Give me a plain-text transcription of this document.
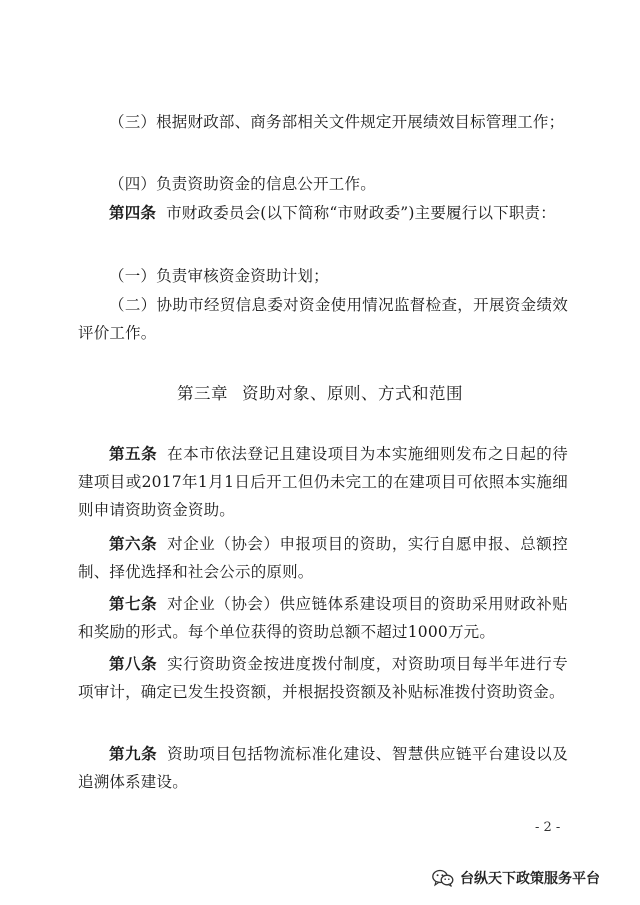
（三）根据财政部、商务部相关文件规定开展绩效目标管理工作；

（四）负责资助资金的信息公开工作。

第四条 市财政委员会(以下简称“市财政委”)主要履行以下职责：

（一）负责审核资金资助计划；

（二）协助市经贸信息委对资金使用情况监督检查，开展资金绩效评价工作。

第三章 资助对象、原则、方式和范围

第五条 在本市依法登记且建设项目为本实施细则发布之日起的待建项目或2017年1月1日后开工但仍未完工的在建项目可依照本实施细则申请资助资金资助。

第六条 对企业（协会）申报项目的资助，实行自愿申报、总额控制、择优选择和社会公示的原则。

第七条 对企业（协会）供应链体系建设项目的资助采用财政补贴和奖励的形式。每个单位获得的资助总额不超过1000万元。

第八条 实行资助资金按进度拨付制度，对资助项目每半年进行专项审计，确定已发生投资额，并根据投资额及补贴标准拨付资助资金。

第九条 资助项目包括物流标准化建设、智慧供应链平台建设以及追溯体系建设。

- 2 -
台纵天下政策服务平台
